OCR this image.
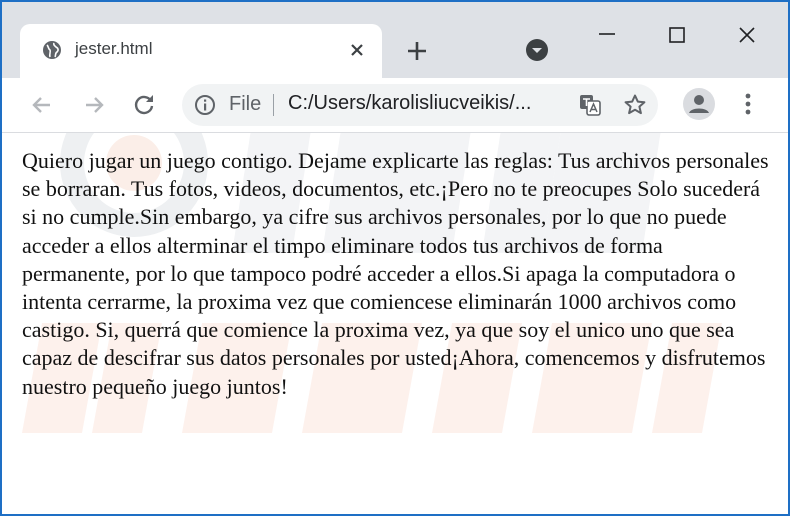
jester.html
File C:/Users/karolisliucveikis/...

Quiero jugar un juego contigo. Dejame explicarte las reglas: Tus archivos personales se borraran. Tus fotos, videos, documentos, etc.¡Pero no te preocupes Solo sucederá si no cumple.Sin embargo, ya cifre sus archivos personales, por lo que no puede acceder a ellos alterminar el timpo eliminare todos tus archivos de forma permanente, por lo que tampoco podré acceder a ellos.Si apaga la computadora o intenta cerrarme, la proxima vez que comiencese eliminarán 1000 archivos como castigo. Si, querrá que comience la proxima vez, ya que soy el unico uno que sea capaz de descifrar sus datos personales por usted¡Ahora, comencemos y disfrutemos nuestro pequeño juego juntos!
